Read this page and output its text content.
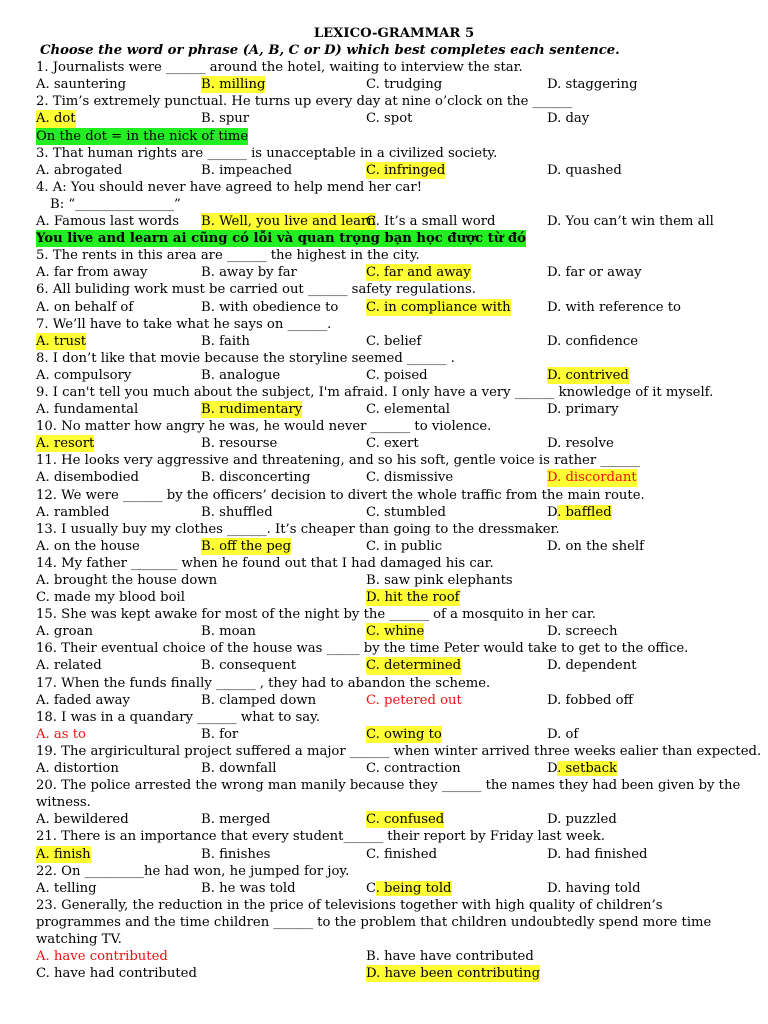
LEXICO-GRAMMAR 5
Choose the word or phrase (A, B, C or D) which best completes each sentence.
1. Journalists were ______ around the hotel, waiting to interview the star.
A. sauntering	B. milling	C. trudging	D. staggering
2. Tim’s extremely punctual. He turns up every day at nine o’clock on the ______
A. dot	B. spur	C. spot	D. day
On the dot = in the nick of time
3. That human rights are ______ is unacceptable in a civilized society.
A. abrogated	B. impeached	C. infringed	D. quashed
4. A: You should never have agreed to help mend her car!
B: “_______________”
A. Famous last words B. Well, you live and learn
C. It’s a small word	D. You can’t win them all
You live and learn ai cũng có lỗi và quan trọng bạn học được từ đó
5. The rents in this area are ______ the highest in the city.
A. far from away	B. away by far	C. far and away	D. far or away
6. All buliding work must be carried out ______ safety regulations.
A. on behalf of	B. with obedience to C. in compliance with	D. with reference to
7. We’ll have to take what he says on ______.
A. trust	B. faith	C. belief	D. confidence
8. I don’t like that movie because the storyline seemed ______ .
A. compulsory	B. analogue	C. poised	D. contrived
9. I can't tell you much about the subject, I'm afraid. I only have a very ______ knowledge of it myself.
A. fundamental	B. rudimentary	C. elemental	D. primary
10. No matter how angry he was, he would never ______ to violence.
A. resort	B. resourse	C. exert	D. resolve
11. He looks very aggressive and threatening, and so his soft, gentle voice is rather ______
A. disembodied	B. disconcerting	C. dismissive	D. discordant
12. We were ______ by the officers’ decision to divert the whole traffic from the main route.
A. rambled	B. shuffled	C. stumbled	D. baffled
13. I usually buy my clothes ______. It’s cheaper than going to the dressmaker.
A. on the house	B. off the peg	C. in public	D. on the shelf
14. My father _______ when he found out that I had damaged his car.
A. brought the house down	B. saw pink elephants
C. made my blood boil	D. hit the roof
15. She was kept awake for most of the night by the ______ of a mosquito in her car.
A. groan	B. moan	C. whine	D. screech
16. Their eventual choice of the house was _____ by the time Peter would take to get to the office.
A. related	B. consequent	C. determined	D. dependent
17. When the funds finally ______ , they had to abandon the scheme.
A. faded away	B. clamped down	C. petered out	D. fobbed off
18. I was in a quandary ______ what to say.
A. as to	B. for	C. owing to	D. of
19. The argiricultural project suffered a major ______ when winter arrived three weeks ealier than expected.
A. distortion	B. downfall	C. contraction	D. setback
20. The police arrested the wrong man manily because they ______ the names they had been given by the witness.
A. bewildered	B. merged	C. confused	D. puzzled
21. There is an importance that every student______ their report by Friday last week.
A. finish	B. finishes	C. finished	D. had finished
22. On _________he had won, he jumped for joy.
A. telling	B. he was told	C. being told	D. having told
23. Generally, the reduction in the price of televisions together with high quality of children’s programmes and the time children ______ to the problem that children undoubtedly spend more time watching TV.
A. have contributed	B. have have contributed
C. have had contributed	D. have been contributing
